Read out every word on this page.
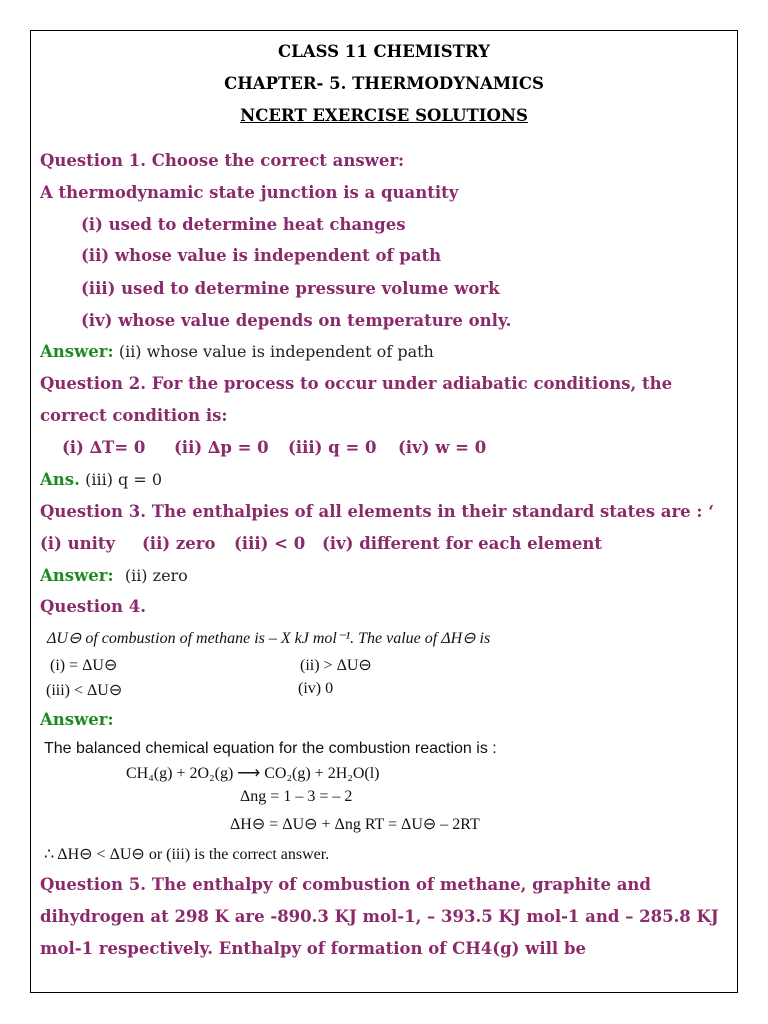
CLASS 11 CHEMISTRY
CHAPTER- 5. THERMODYNAMICS
NCERT EXERCISE SOLUTIONS
Question 1. Choose the correct answer:
A thermodynamic state junction is a quantity
(i) used to determine heat changes
(ii) whose value is independent of path
(iii) used to determine pressure volume work
(iv) whose value depends on temperature only.
Answer: (ii) whose value is independent of path
Question 2. For the process to occur under adiabatic conditions, the
correct condition is:
(i) ∆T= 0 (ii) ∆p = 0 (iii) q = 0 (iv) w = 0
Ans. (iii) q = 0
Question 3. The enthalpies of all elements in their standard states are : ‘
(i) unity (ii) zero (iii) < 0 (iv) different for each element
Answer: (ii) zero
Question 4.
ΔU⊖ of combustion of methane is – X kJ mol⁻¹. The value of ΔH⊖ is
(i) = ΔU⊖	(ii) > ΔU⊖
(iii) < ΔU⊖	(iv) 0
Answer:
The balanced chemical equation for the combustion reaction is :
CH₄(g) + 2O₂(g) ⟶ CO₂(g) + 2H₂O(l)
Δng = 1 – 3 = – 2
ΔH⊖ = ΔU⊖ + Δng RT = ΔU⊖ – 2RT
∴ ΔH⊖ < ΔU⊖ or (iii) is the correct answer.
Question 5. The enthalpy of combustion of methane, graphite and
dihydrogen at 298 K are -890.3 KJ mol-1, – 393.5 KJ mol-1 and – 285.8 KJ
mol-1 respectively. Enthalpy of formation of CH4(g) will be
